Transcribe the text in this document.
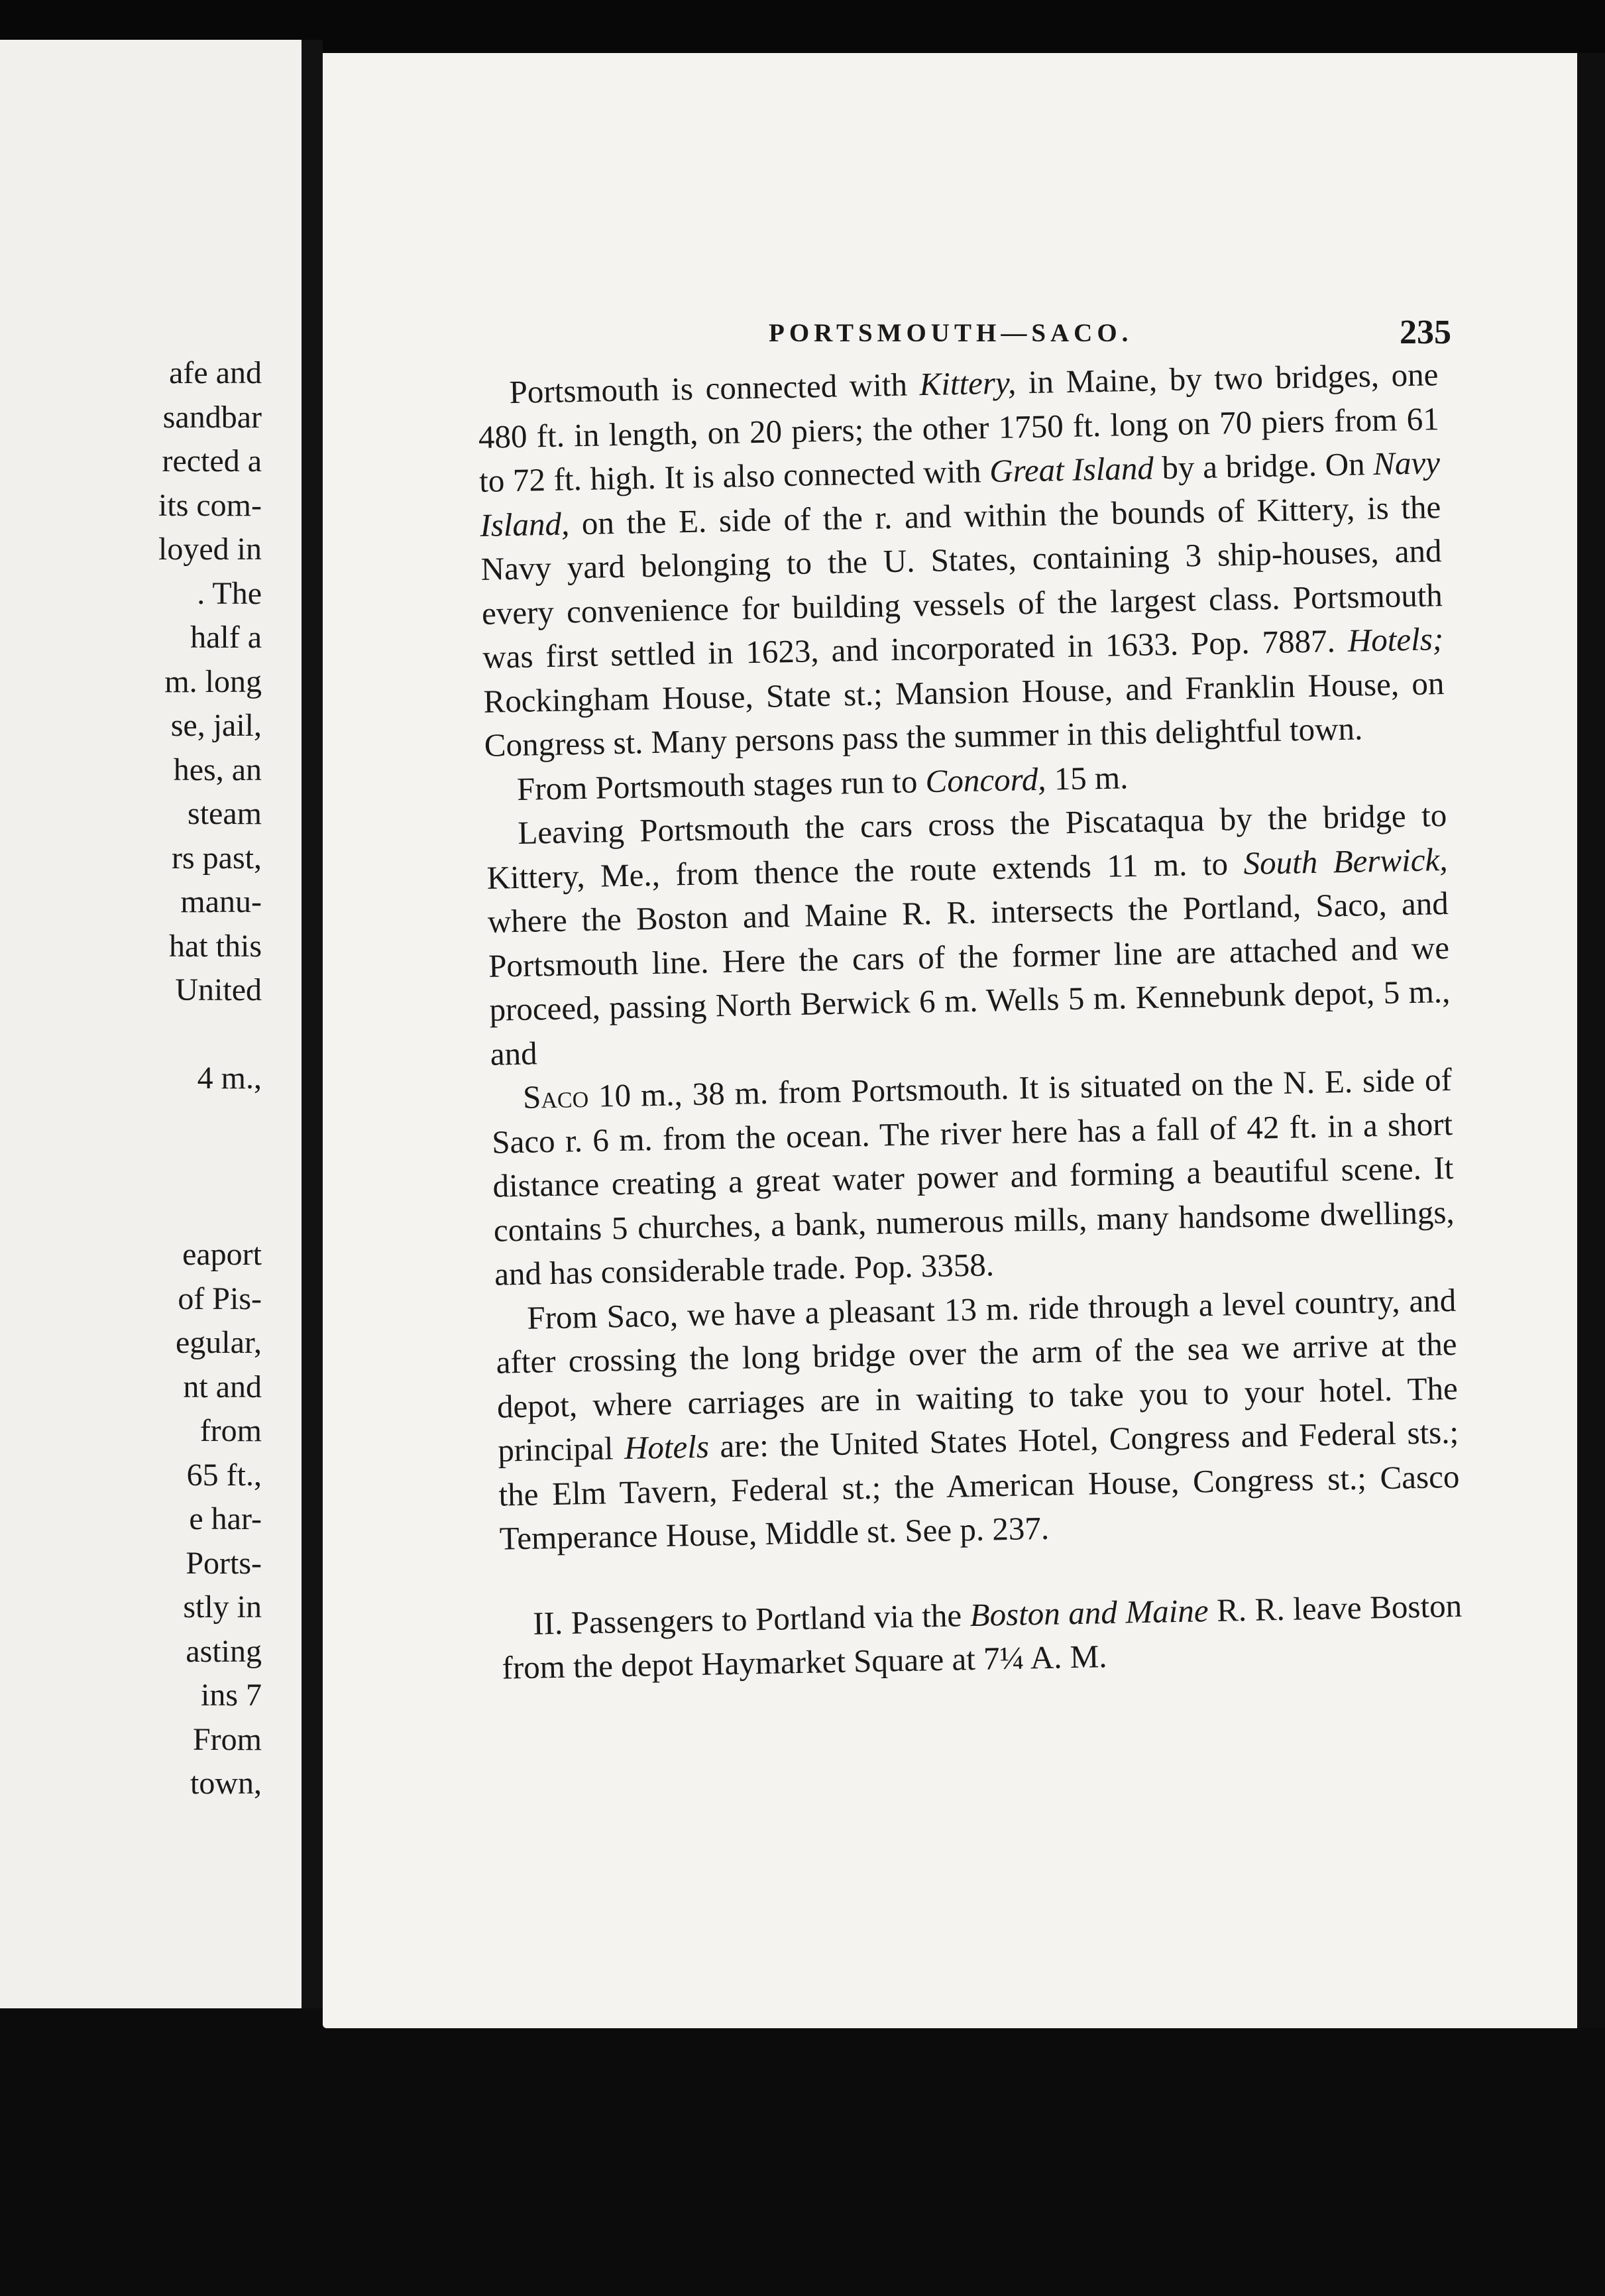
afe and
sandbar
rected a
its com-
loyed in
. The
half a
m. long
se, jail,
hes, an
steam
rs past,
manu-
hat this
United

4 m.,

eaport
of Pis-
egular,
nt and
from
65 ft.,
e har-
Ports-
stly in
asting
ins 7
From
town,
PORTSMOUTH—SACO.	235

Portsmouth is connected with Kittery, in Maine, by two bridges, one 480 ft. in length, on 20 piers; the other 1750 ft. long on 70 piers from 61 to 72 ft. high. It is also connected with Great Island by a bridge. On Navy Island, on the E. side of the r. and within the bounds of Kittery, is the Navy yard belonging to the U. States, containing 3 ship-houses, and every convenience for building vessels of the largest class. Portsmouth was first settled in 1623, and incorporated in 1633. Pop. 7887. Hotels; Rockingham House, State st.; Mansion House, and Franklin House, on Congress st. Many persons pass the summer in this delightful town.

From Portsmouth stages run to Concord, 15 m.

Leaving Portsmouth the cars cross the Piscataqua by the bridge to Kittery, Me., from thence the route extends 11 m. to South Berwick, where the Boston and Maine R. R. intersects the Portland, Saco, and Portsmouth line. Here the cars of the former line are attached and we proceed, passing North Berwick 6 m. Wells 5 m. Kennebunk depot, 5 m., and

Saco 10 m., 38 m. from Portsmouth. It is situated on the N. E. side of Saco r. 6 m. from the ocean. The river here has a fall of 42 ft. in a short distance creating a great water power and forming a beautiful scene. It contains 5 churches, a bank, numerous mills, many handsome dwellings, and has considerable trade. Pop. 3358.

From Saco, we have a pleasant 13 m. ride through a level country, and after crossing the long bridge over the arm of the sea we arrive at the depot, where carriages are in waiting to take you to your hotel. The principal Hotels are: the United States Hotel, Congress and Federal sts.; the Elm Tavern, Federal st.; the American House, Congress st.; Casco Temperance House, Middle st. See p. 237.

II. Passengers to Portland via the Boston and Maine R. R. leave Boston from the depot Haymarket Square at 7¼ A. M.
